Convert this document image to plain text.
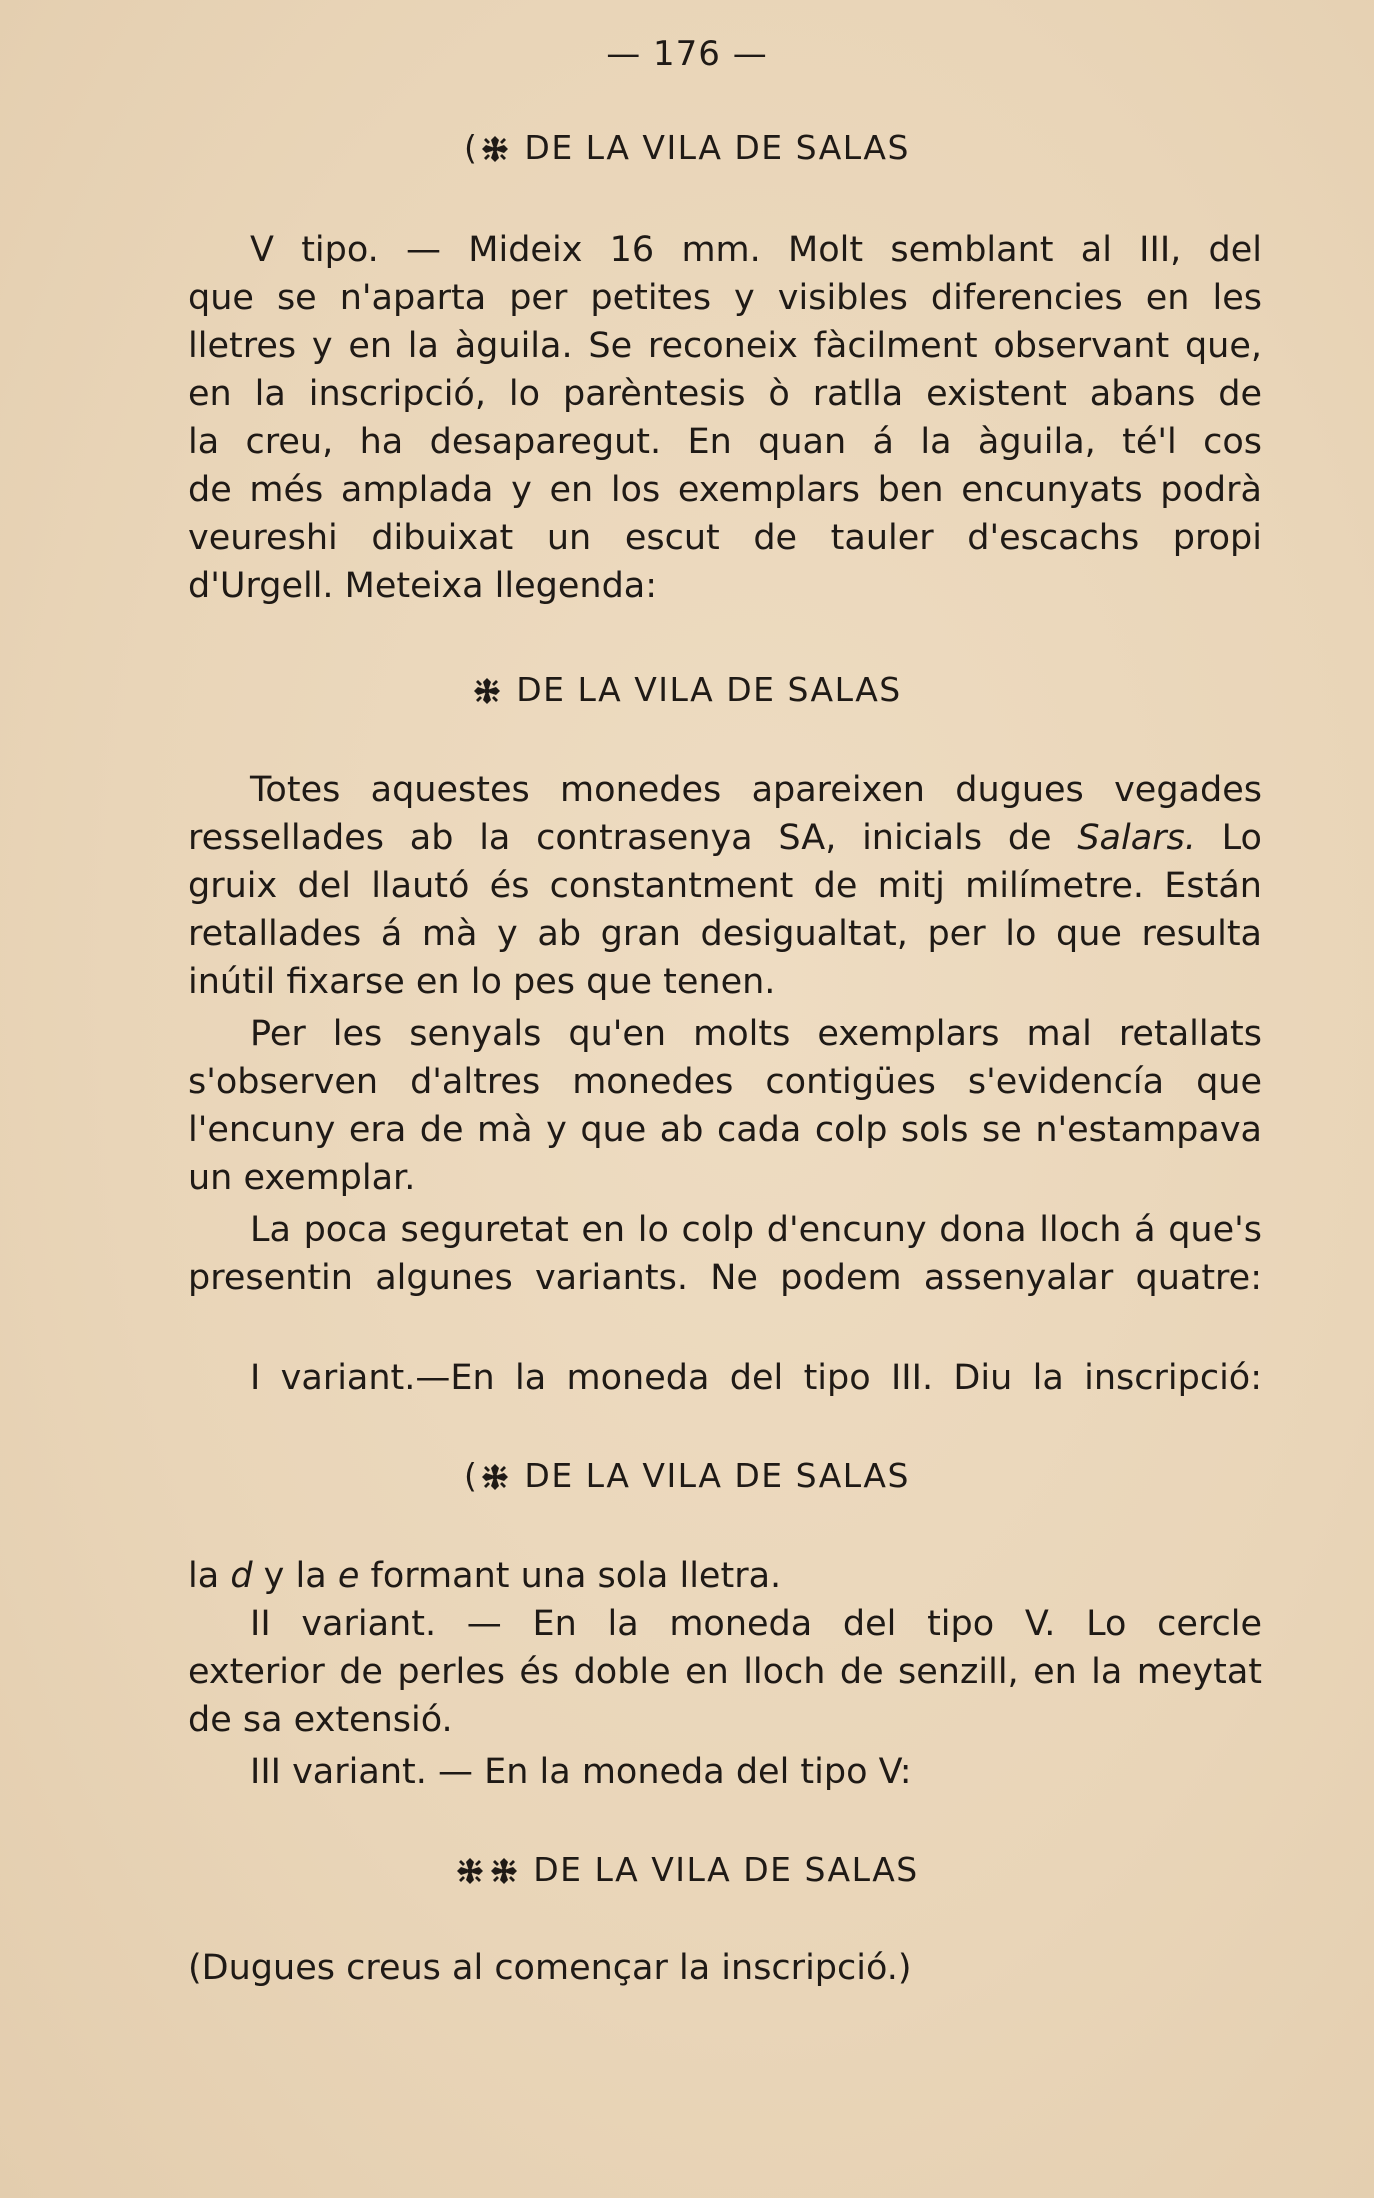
— 176 —
( DE LA VILA DE SALAS
V tipo. — Mideix 16 mm. Molt semblant al III, del
que se n'aparta per petites y visibles diferencies en les
lletres y en la àguila. Se reconeix fàcilment observant que,
en la inscripció, lo parèntesis ò ratlla existent abans de
la creu, ha desaparegut. En quan á la àguila, té'l cos
de més amplada y en los exemplars ben encunyats podrà
veureshi dibuixat un escut de tauler d'escachs propi
d'Urgell. Meteixa llegenda:
DE LA VILA DE SALAS
Totes aquestes monedes apareixen dugues vegades
ressellades ab la contrasenya SA, inicials de Salars. Lo
gruix del llautó és constantment de mitj milímetre. Están
retallades á mà y ab gran desigualtat, per lo que resulta
inútil fixarse en lo pes que tenen.
Per les senyals qu'en molts exemplars mal retallats
s'observen d'altres monedes contigües s'evidencía que
l'encuny era de mà y que ab cada colp sols se n'estampava
un exemplar.
La poca seguretat en lo colp d'encuny dona lloch á que's
presentin algunes variants. Ne podem assenyalar quatre:
I variant.—En la moneda del tipo III. Diu la inscripció:
( DE LA VILA DE SALAS
la d y la e formant una sola lletra.
II variant. — En la moneda del tipo V. Lo cercle
exterior de perles és doble en lloch de senzill, en la meytat
de sa extensió.
III variant. — En la moneda del tipo V:
DE LA VILA DE SALAS
(Dugues creus al començar la inscripció.)
